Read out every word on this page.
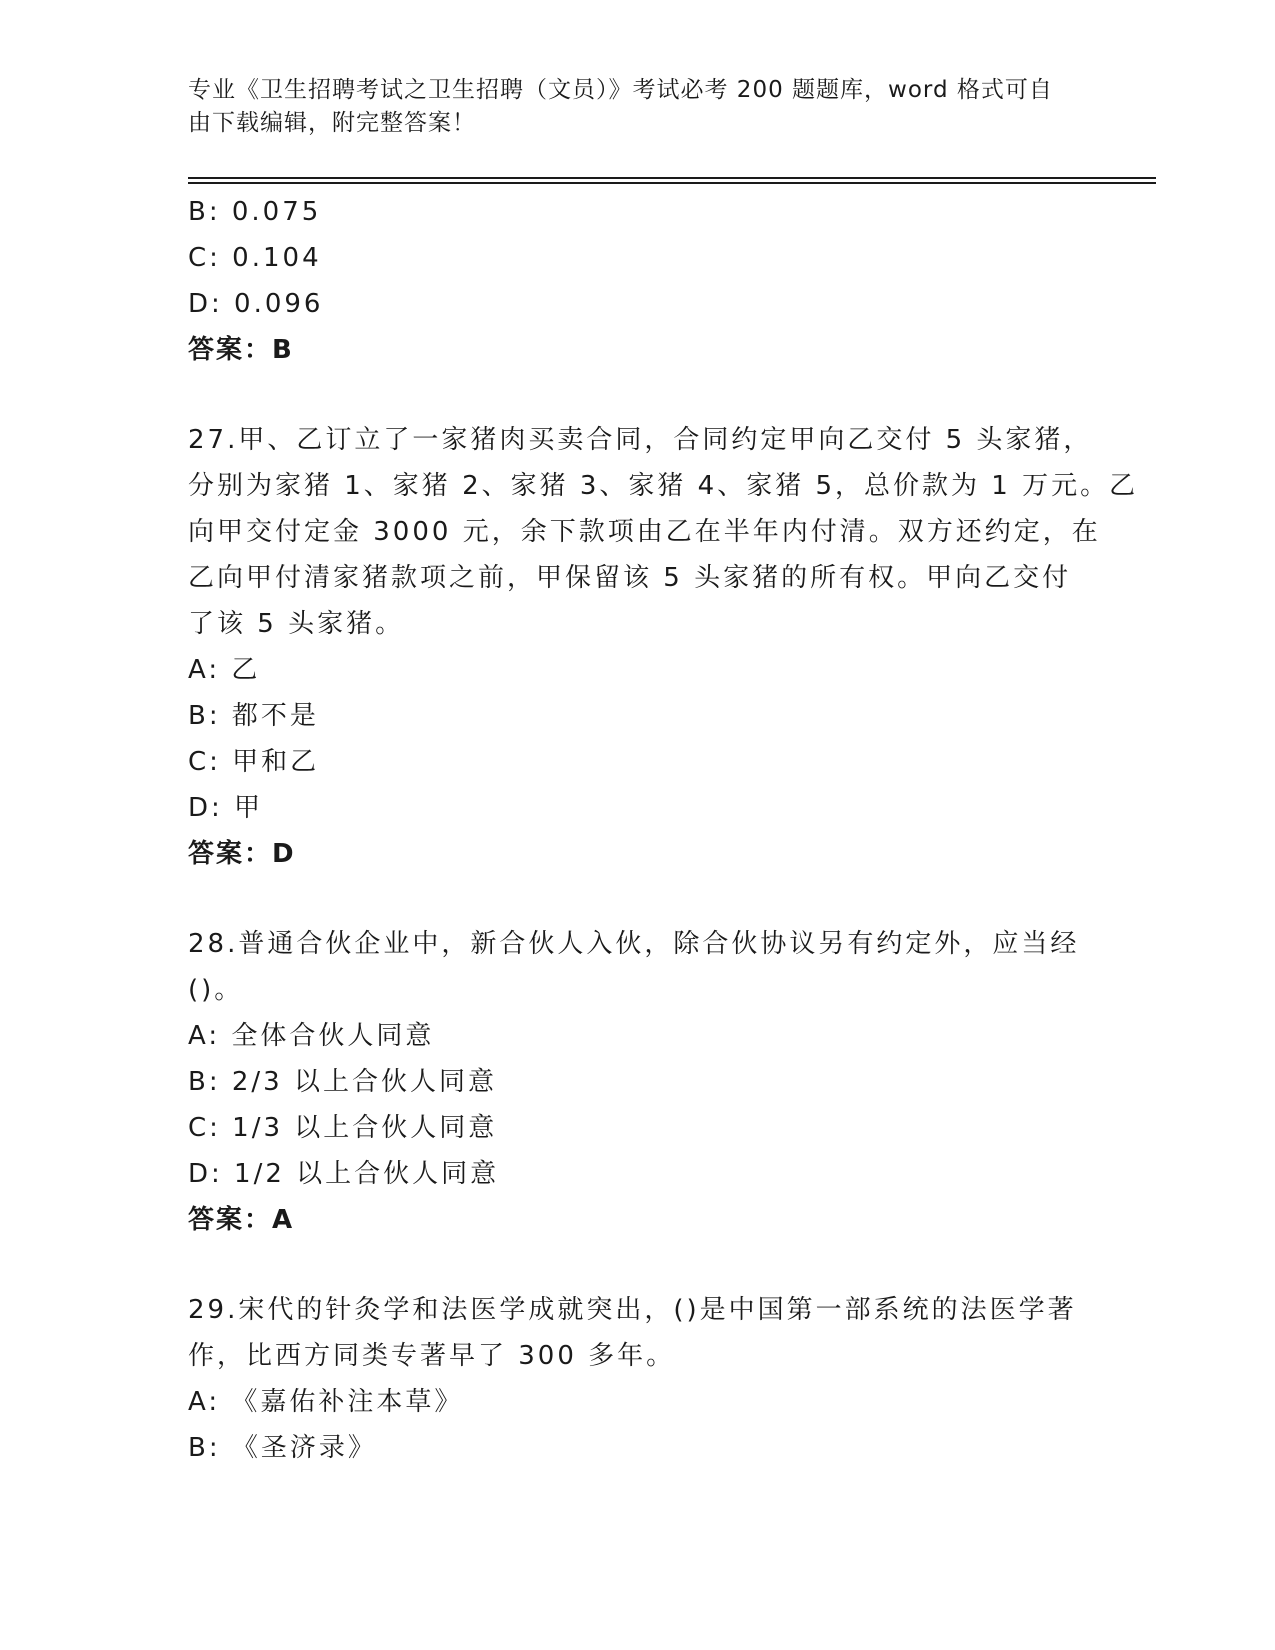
专业《卫生招聘考试之卫生招聘（文员）》考试必考 200 题题库，word 格式可自
由下载编辑，附完整答案！
B: 0.075
C: 0.104
D: 0.096
答案：B
27.甲、乙订立了一家猪肉买卖合同，合同约定甲向乙交付 5 头家猪，
分别为家猪 1、家猪 2、家猪 3、家猪 4、家猪 5，总价款为 1 万元。乙
向甲交付定金 3000 元，余下款项由乙在半年内付清。双方还约定，在
乙向甲付清家猪款项之前，甲保留该 5 头家猪的所有权。甲向乙交付
了该 5 头家猪。
A: 乙
B: 都不是
C: 甲和乙
D: 甲
答案：D
28.普通合伙企业中，新合伙人入伙，除合伙协议另有约定外，应当经
()。
A: 全体合伙人同意
B: 2/3 以上合伙人同意
C: 1/3 以上合伙人同意
D: 1/2 以上合伙人同意
答案：A
29.宋代的针灸学和法医学成就突出，()是中国第一部系统的法医学著
作，比西方同类专著早了 300 多年。
A: 《嘉佑补注本草》
B: 《圣济录》
